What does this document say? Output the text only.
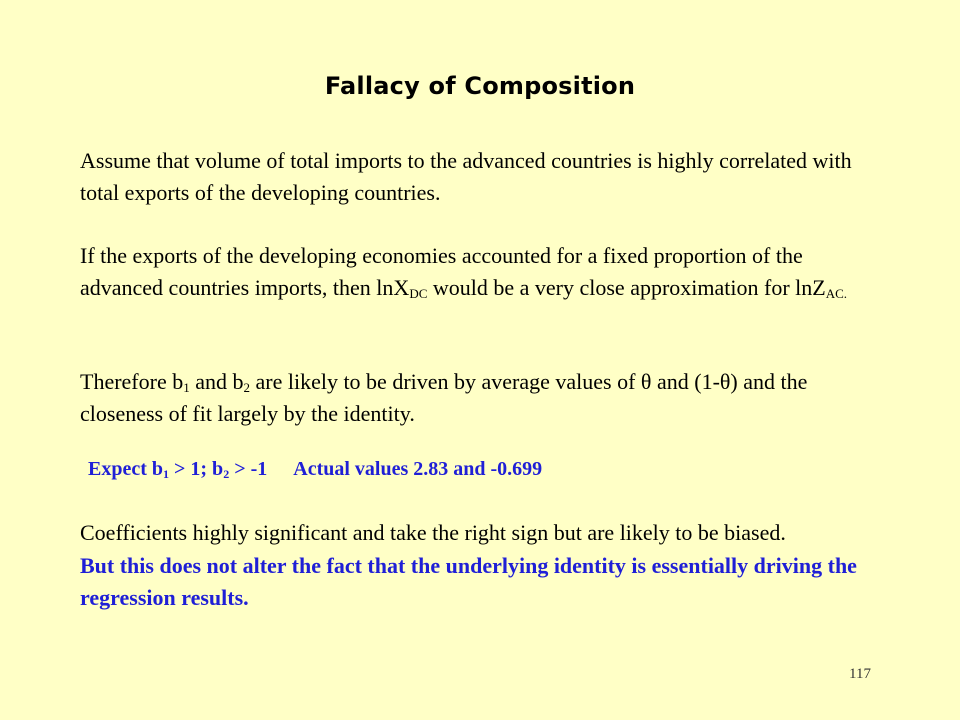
Fallacy of Composition
Assume that volume of total imports to the advanced countries is highly correlated with total exports of the developing countries.
If the exports of the developing economies accounted for a fixed proportion of the advanced countries imports, then lnX$_{DC}$ would be a very close approximation for lnZ$_{AC.}$
Therefore $b_1$ and $b_2$ are likely to be driven by average values of θ and (1-θ) and the closeness of fit largely by the identity.
Expect $b_1 > 1$; $b_2 > -1$ Actual values 2.83 and -0.699
Coefficients highly significant and take the right sign but are likely to be biased.
But this does not alter the fact that the underlying identity is essentially driving the regression results.
117
